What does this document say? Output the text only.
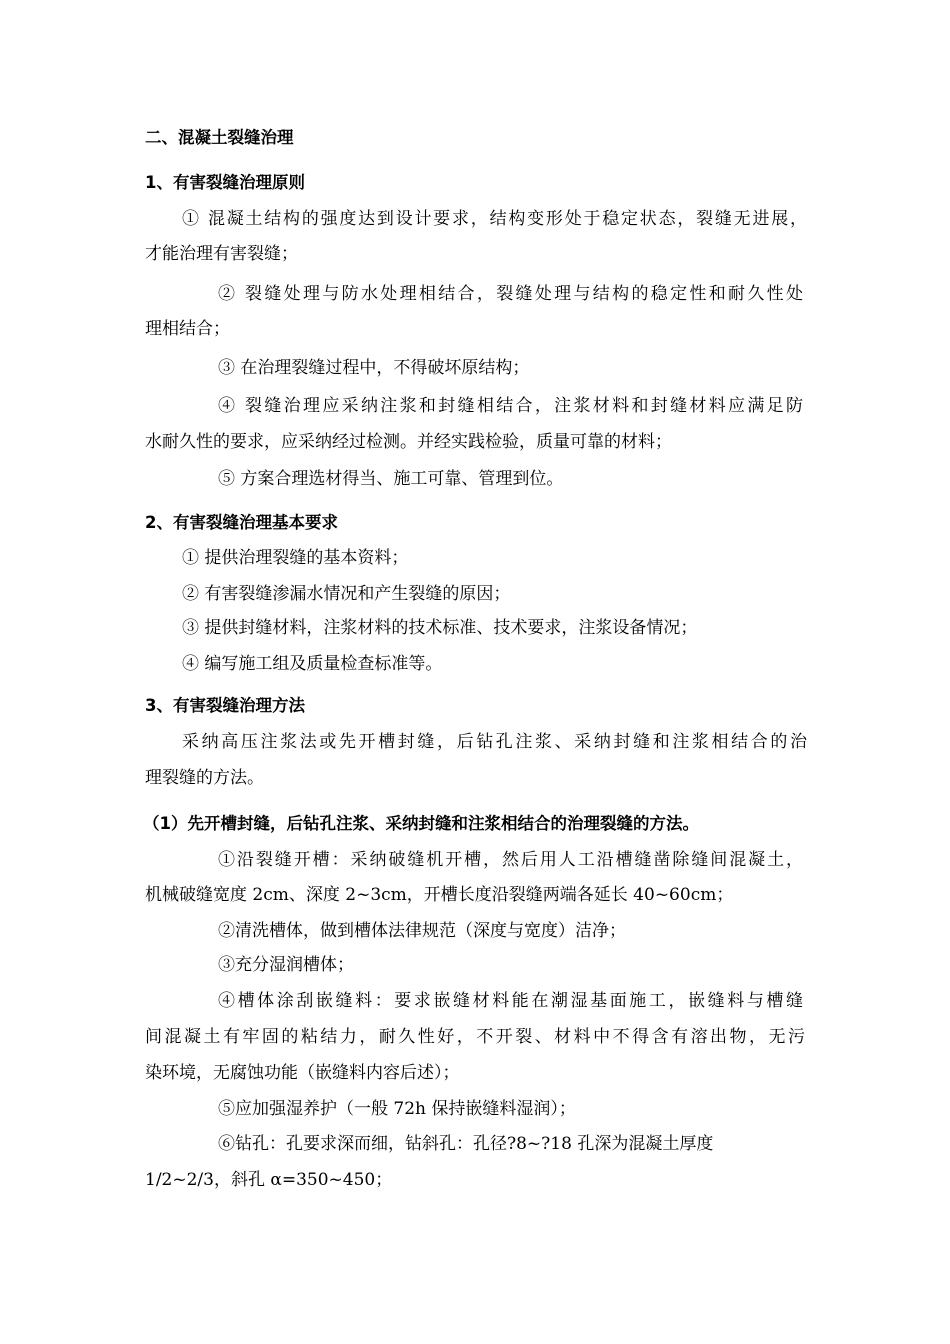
二、混凝土裂缝治理
1、有害裂缝治理原则
① 混凝土结构的强度达到设计要求，结构变形处于稳定状态，裂缝无进展，
才能治理有害裂缝；
② 裂缝处理与防水处理相结合，裂缝处理与结构的稳定性和耐久性处
理相结合；
③ 在治理裂缝过程中，不得破坏原结构；
④ 裂缝治理应采纳注浆和封缝相结合，注浆材料和封缝材料应满足防
水耐久性的要求，应采纳经过检测。并经实践检验，质量可靠的材料；
⑤ 方案合理选材得当、施工可靠、管理到位。
2、有害裂缝治理基本要求
① 提供治理裂缝的基本资料；
② 有害裂缝渗漏水情况和产生裂缝的原因；
③ 提供封缝材料，注浆材料的技术标准、技术要求，注浆设备情况；
④ 编写施工组及质量检查标准等。
3、有害裂缝治理方法
采纳高压注浆法或先开槽封缝，后钻孔注浆、采纳封缝和注浆相结合的治
理裂缝的方法。
（1）先开槽封缝，后钻孔注浆、采纳封缝和注浆相结合的治理裂缝的方法。
①沿裂缝开槽：采纳破缝机开槽，然后用人工沿槽缝凿除缝间混凝土，
机械破缝宽度 2cm、深度 2~3cm，开槽长度沿裂缝两端各延长 40~60cm；
②清洗槽体，做到槽体法律规范（深度与宽度）洁净；
③充分湿润槽体；
④槽体涂刮嵌缝料：要求嵌缝材料能在潮湿基面施工，嵌缝料与槽缝
间混凝土有牢固的粘结力，耐久性好，不开裂、材料中不得含有溶出物，无污
染环境，无腐蚀功能（嵌缝料内容后述）；
⑤应加强湿养护（一般 72h 保持嵌缝料湿润）；
⑥钻孔：孔要求深而细，钻斜孔：孔径?8~?18 孔深为混凝土厚度
1/2~2/3，斜孔 α=350~450；
